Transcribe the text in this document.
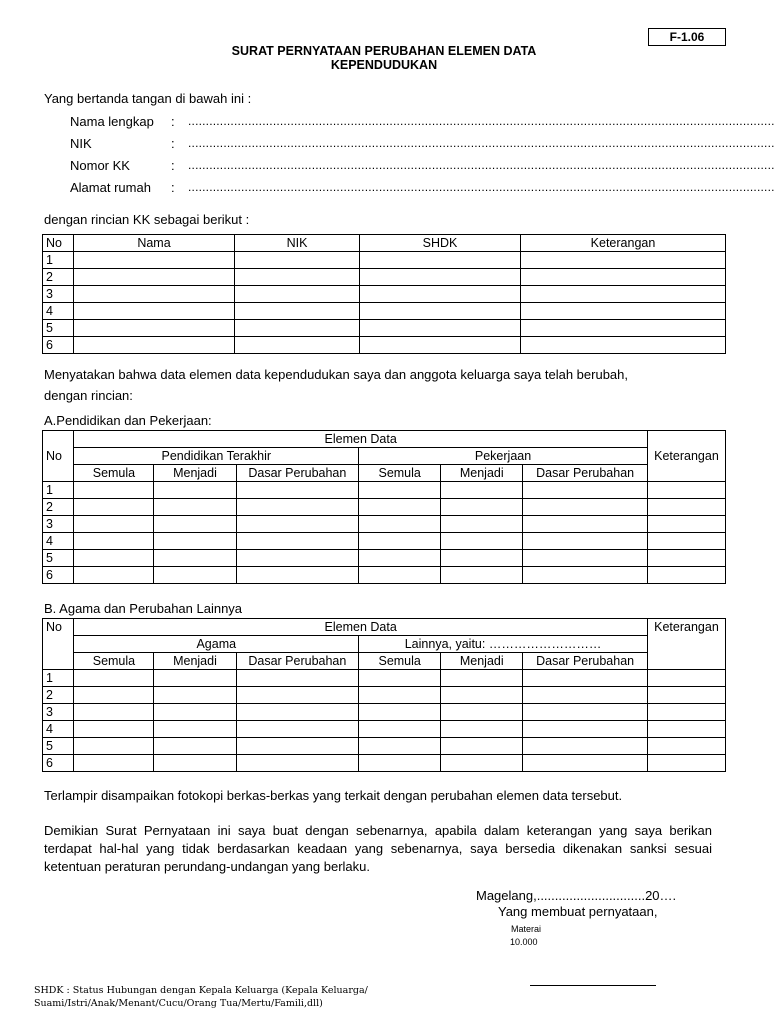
F-1.06
SURAT PERNYATAAN PERUBAHAN ELEMEN DATA
KEPENDUDUKAN
Yang bertanda tangan di bawah ini :
Nama lengkap : ......................................................................................................................................................................
NIK	: ......................................................................................................................................................................
Nomor KK	: ......................................................................................................................................................................
Alamat rumah : ......................................................................................................................................................................
dengan rincian KK sebagai berikut :
No	Nama	NIK	SHDK	Keterangan
1				
2				
3				
4				
5				
6				
Menyatakan bahwa data elemen data kependudukan saya dan anggota keluarga saya telah berubah,
dengan rincian:
A.Pendidikan dan Pekerjaan:
No	Elemen Data						Keterangan
	Pendidikan Terakhir			Pekerjaan			
	Semula	Menjadi	Dasar Perubahan	Semula	Menjadi	Dasar Perubahan	
1							
2							
3							
4							
5							
6							
B. Agama dan Perubahan Lainnya
No	Elemen Data						Keterangan
	Agama			Lainnya, yaitu: ………………………			
	Semula	Menjadi	Dasar Perubahan	Semula	Menjadi	Dasar Perubahan	
1							
2							
3							
4							
5							
6							
Terlampir disampaikan fotokopi berkas-berkas yang terkait dengan perubahan elemen data tersebut.
Demikian Surat Pernyataan ini saya buat dengan sebenarnya, apabila dalam keterangan yang saya berikan terdapat hal-hal yang tidak berdasarkan keadaan yang sebenarnya, saya bersedia dikenakan sanksi sesuai ketentuan peraturan perundang-undangan yang berlaku.
Magelang,..............................20….
Yang membuat pernyataan,
Materai
10.000
SHDK : Status Hubungan dengan Kepala Keluarga (Kepala Keluarga/
Suami/Istri/Anak/Menant/Cucu/Orang Tua/Mertu/Famili,dll)
